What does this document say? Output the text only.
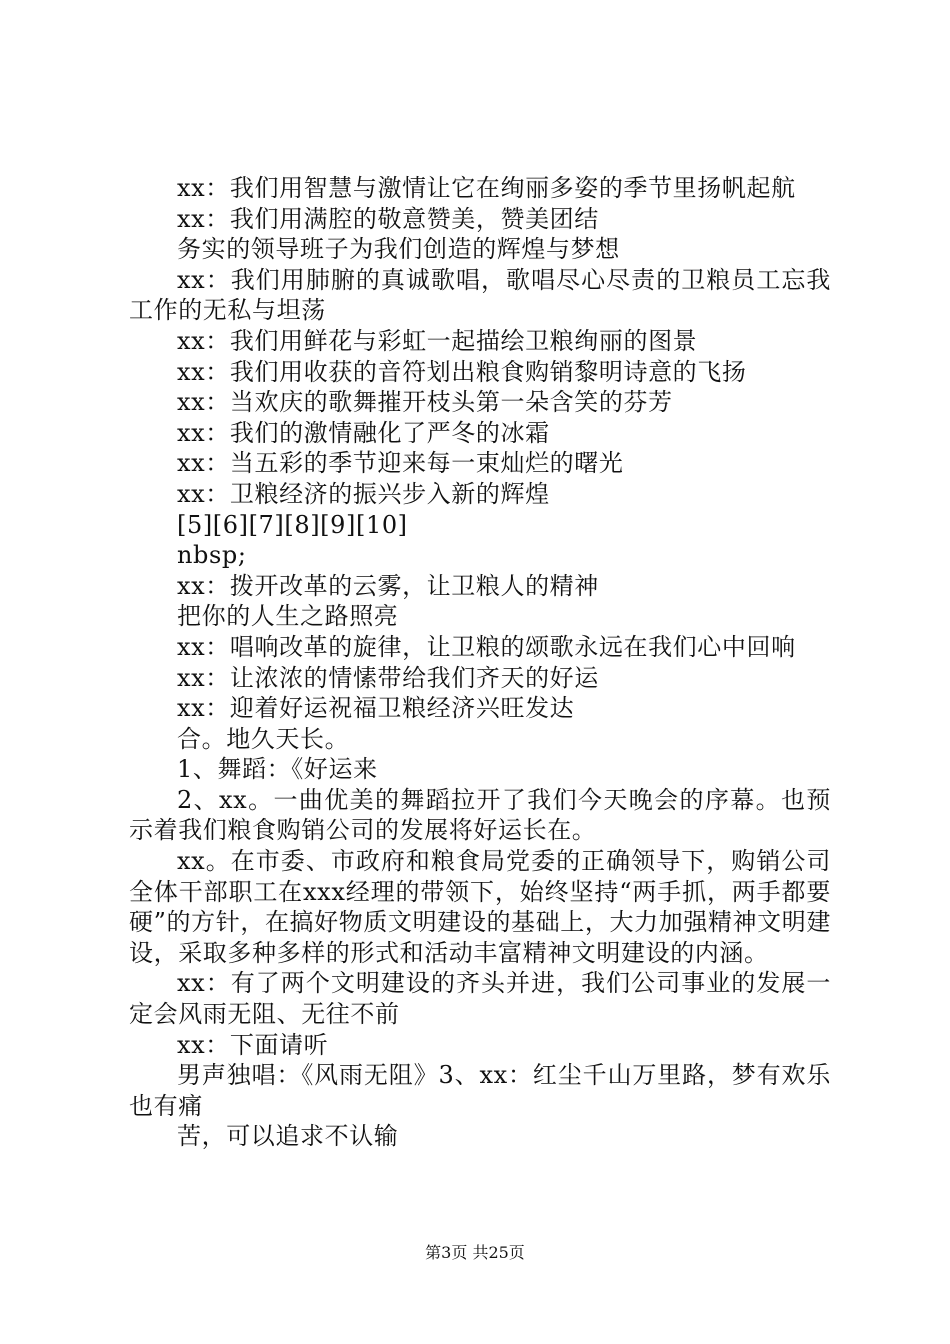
xx：我们用智慧与激情让它在绚丽多姿的季节里扬帆起航

xx：我们用满腔的敬意赞美，赞美团结

务实的领导班子为我们创造的辉煌与梦想

xx：我们用肺腑的真诚歌唱，歌唱尽心尽责的卫粮员工忘我工作的无私与坦荡

xx：我们用鲜花与彩虹一起描绘卫粮绚丽的图景

xx：我们用收获的音符划出粮食购销黎明诗意的飞扬

xx：当欢庆的歌舞摧开枝头第一朵含笑的芬芳

xx：我们的激情融化了严冬的冰霜

xx：当五彩的季节迎来每一束灿烂的曙光

xx：卫粮经济的振兴步入新的辉煌

[5][6][7][8][9][10]

nbsp;

xx：拨开改革的云雾，让卫粮人的精神

把你的人生之路照亮

xx：唱响改革的旋律，让卫粮的颂歌永远在我们心中回响

xx：让浓浓的情愫带给我们齐天的好运

xx：迎着好运祝福卫粮经济兴旺发达

合。地久天长。

1、舞蹈：《好运来

2、xx。一曲优美的舞蹈拉开了我们今天晚会的序幕。也预示着我们粮食购销公司的发展将好运长在。

xx。在市委、市政府和粮食局党委的正确领导下，购销公司全体干部职工在xxx经理的带领下，始终坚持“两手抓，两手都要硬”的方针，在搞好物质文明建设的基础上，大力加强精神文明建设，采取多种多样的形式和活动丰富精神文明建设的内涵。

xx：有了两个文明建设的齐头并进，我们公司事业的发展一定会风雨无阻、无往不前

xx：下面请听

男声独唱：《风雨无阻》3、xx：红尘千山万里路，梦有欢乐也有痛

苦，可以追求不认输

第3页 共25页
